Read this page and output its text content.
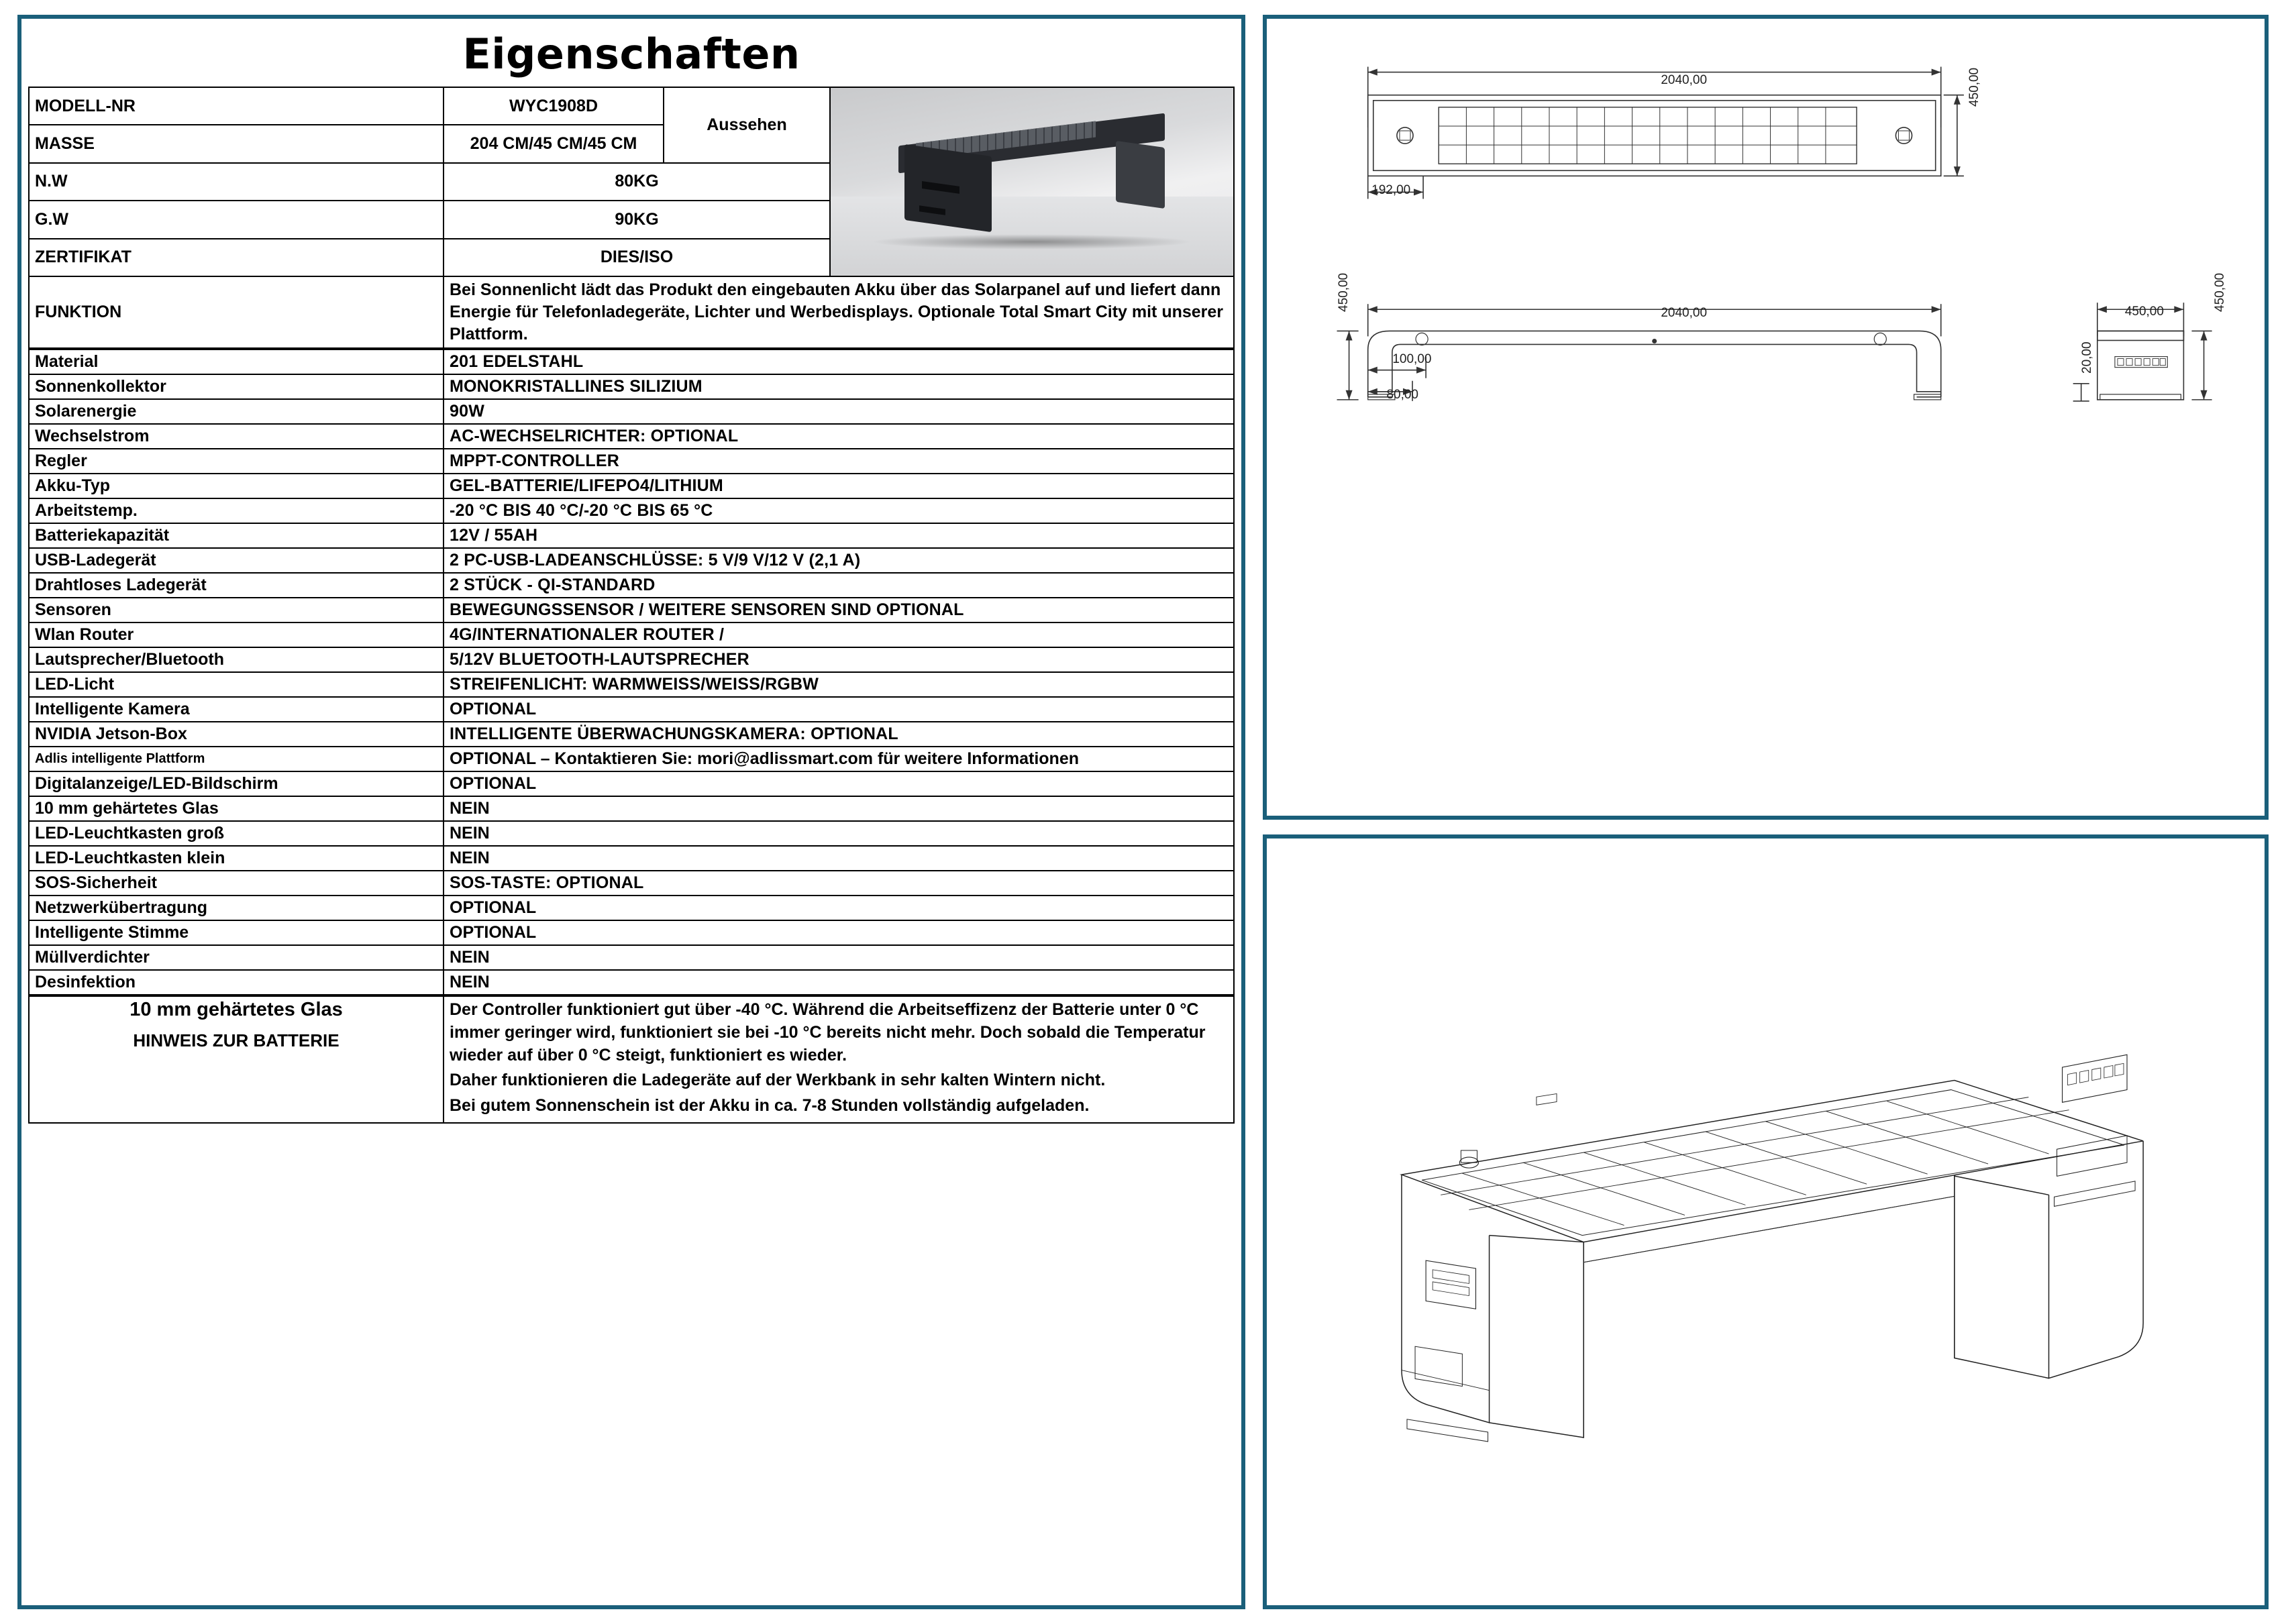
Eigenschaften
MODELL-NR	WYC1908D	Aussehen	

MASSE	204 CM/45 CM/45 CM		
N.W	80KG		
G.W	90KG		
ZERTIFIKAT	DIES/ISO		
FUNKTION	Bei Sonnenlicht lädt das Produkt den eingebauten Akku über das Solarpanel auf und liefert dann Energie für Telefonladegeräte, Lichter und Werbedisplays. Optionale Total Smart City mit unserer Plattform.		
Material	201 EDELSTAHL
Sonnenkollektor	MONOKRISTALLINES SILIZIUM
Solarenergie	90W
Wechselstrom	AC-WECHSELRICHTER: OPTIONAL
Regler	MPPT-CONTROLLER
Akku-Typ	GEL-BATTERIE/LIFEPO4/LITHIUM
Arbeitstemp.	-20 °C BIS 40 °C/-20 °C BIS 65 °C
Batteriekapazität	12V / 55AH
USB-Ladegerät	2 PC-USB-LADEANSCHLÜSSE: 5 V/9 V/12 V (2,1 A)
Drahtloses Ladegerät	2 STÜCK - QI-STANDARD
Sensoren	BEWEGUNGSSENSOR / WEITERE SENSOREN SIND OPTIONAL
Wlan Router	4G/INTERNATIONALER ROUTER /
Lautsprecher/Bluetooth	5/12V BLUETOOTH-LAUTSPRECHER
LED-Licht	STREIFENLICHT: WARMWEISS/WEISS/RGBW
Intelligente Kamera	OPTIONAL
NVIDIA Jetson-Box	INTELLIGENTE ÜBERWACHUNGSKAMERA: OPTIONAL
Adlis intelligente Plattform	OPTIONAL – Kontaktieren Sie: mori@adlissmart.com für weitere Informationen
Digitalanzeige/LED-Bildschirm	OPTIONAL
10 mm gehärtetes Glas	NEIN
LED-Leuchtkasten groß	NEIN
LED-Leuchtkasten klein	NEIN
SOS-Sicherheit	SOS-TASTE: OPTIONAL
Netzwerkübertragung	OPTIONAL
Intelligente Stimme	OPTIONAL
Müllverdichter	NEIN
Desinfektion	NEIN
10 mm gehärtetes Glas
HINWEIS ZUR BATTERIE

Der Controller funktioniert gut über -40 °C. Während die Arbeitseffizenz der Batterie unter 0 °C immer geringer wird, funktioniert sie bei -10 °C bereits nicht mehr. Doch sobald die Temperatur wieder auf über 0 °C steigt, funktioniert es wieder.

Daher funktionieren die Ladegeräte auf der Werkbank in sehr kalten Wintern nicht.

Bei gutem Sonnenschein ist der Akku in ca. 7-8 Stunden vollständig aufgeladen.

2040,00	450,00
192,00
2040,00
450,00
100,00
80,00
450,00	450,00
20,00
